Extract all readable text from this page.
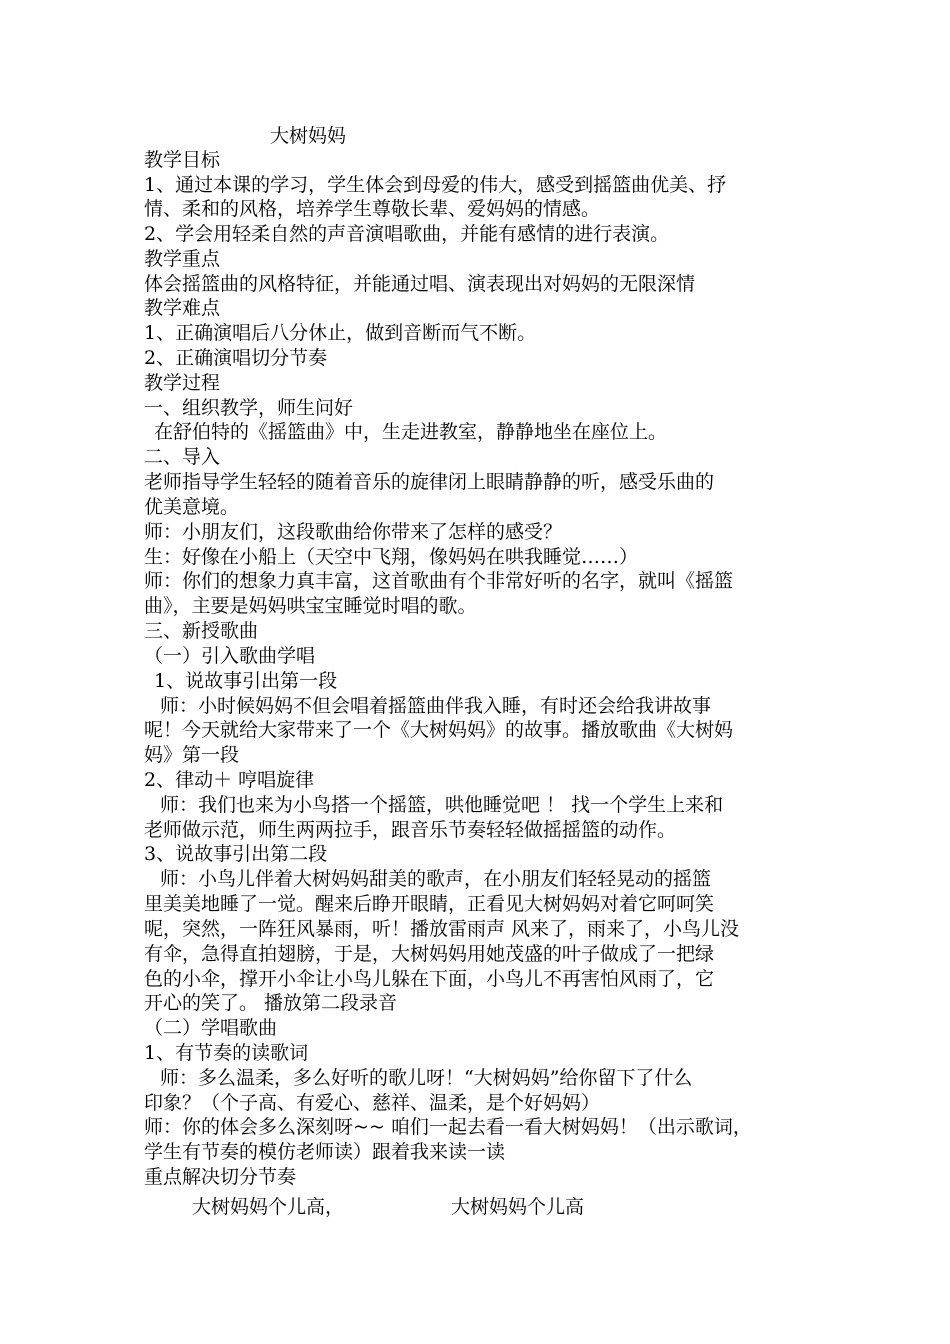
大树妈妈
教学目标
1、通过本课的学习，学生体会到母爱的伟大，感受到摇篮曲优美、抒
情、柔和的风格，培养学生尊敬长辈、爱妈妈的情感。
2、学会用轻柔自然的声音演唱歌曲，并能有感情的进行表演。
教学重点
体会摇篮曲的风格特征，并能通过唱、演表现出对妈妈的无限深情
教学难点
1、正确演唱后八分休止，做到音断而气不断。
2、正确演唱切分节奏
教学过程
一、组织教学，师生问好
在舒伯特的《摇篮曲》中，生走进教室，静静地坐在座位上。
二、导入
老师指导学生轻轻的随着音乐的旋律闭上眼睛静静的听，感受乐曲的
优美意境。
师：小朋友们，这段歌曲给你带来了怎样的感受？
生：好像在小船上（天空中飞翔，像妈妈在哄我睡觉……）
师：你们的想象力真丰富，这首歌曲有个非常好听的名字，就叫《摇篮
曲》，主要是妈妈哄宝宝睡觉时唱的歌。
三、新授歌曲
（一）引入歌曲学唱
1、说故事引出第一段
师：小时候妈妈不但会唱着摇篮曲伴我入睡，有时还会给我讲故事
呢！今天就给大家带来了一个《大树妈妈》的故事。播放歌曲《大树妈
妈》第一段
2、律动＋ 哼唱旋律
师：我们也来为小鸟搭一个摇篮，哄他睡觉吧 ！ 找一个学生上来和
老师做示范，师生两两拉手，跟音乐节奏轻轻做摇摇篮的动作。
3、说故事引出第二段
师：小鸟儿伴着大树妈妈甜美的歌声，在小朋友们轻轻晃动的摇篮
里美美地睡了一觉。醒来后睁开眼睛，正看见大树妈妈对着它呵呵笑
呢，突然，一阵狂风暴雨，听！播放雷雨声 风来了，雨来了，小鸟儿没
有伞，急得直拍翅膀，于是，大树妈妈用她茂盛的叶子做成了一把绿
色的小伞，撑开小伞让小鸟儿躲在下面，小鸟儿不再害怕风雨了，它
开心的笑了。 播放第二段录音
（二）学唱歌曲
1、有节奏的读歌词
师：多么温柔，多么好听的歌儿呀！“大树妈妈”给你留下了什么
印象？（个子高、有爱心、慈祥、温柔，是个好妈妈）
师：你的体会多么深刻呀~~ 咱们一起去看一看大树妈妈！（出示歌词，
学生有节奏的模仿老师读）跟着我来读一读
重点解决切分节奏
大树妈妈个儿高，	大树妈妈个儿高
